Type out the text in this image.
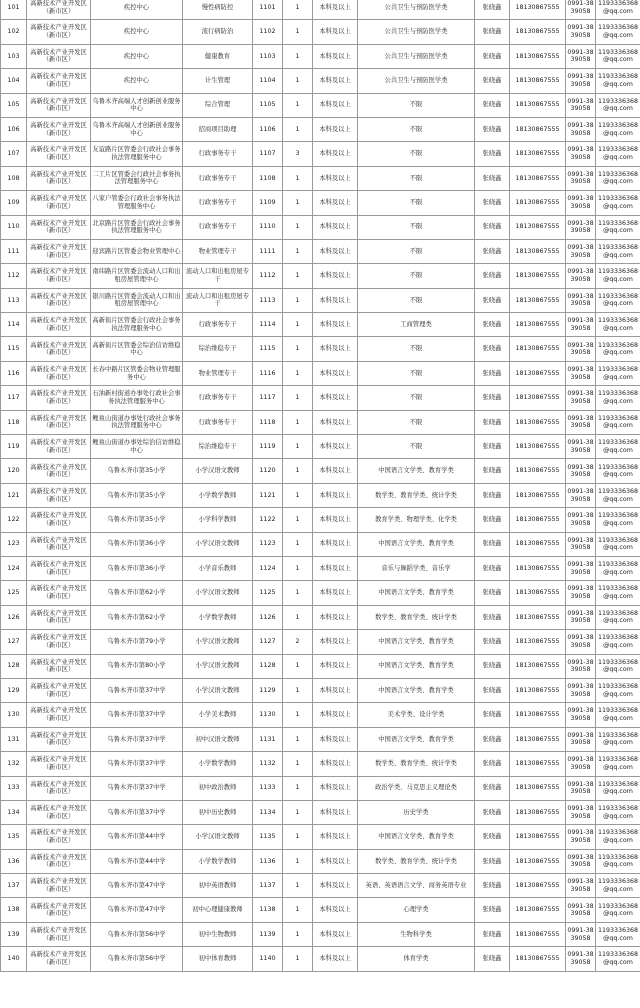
101	高新技术产业开发区（新市区）	疾控中心	慢性病防控	1101	1	本科及以上	公共卫生与预防医学类	张晓鑫	18130867555	0991-3839058	1193336368@qq.com
102	高新技术产业开发区（新市区）	疾控中心	流行病防治	1102	1	本科及以上	公共卫生与预防医学类	张晓鑫	18130867555	0991-3839058	1193336368@qq.com
103	高新技术产业开发区（新市区）	疾控中心	健康教育	1103	1	本科及以上	公共卫生与预防医学类	张晓鑫	18130867555	0991-3839058	1193336368@qq.com
104	高新技术产业开发区（新市区）	疾控中心	计生管理	1104	1	本科及以上	公共卫生与预防医学类	张晓鑫	18130867555	0991-3839058	1193336368@qq.com
105	高新技术产业开发区（新市区）	乌鲁木齐高端人才创新创业服务中心	综合管理	1105	1	本科及以上	不限	张晓鑫	18130867555	0991-3839058	1193336368@qq.com
106	高新技术产业开发区（新市区）	乌鲁木齐高端人才创新创业服务中心	招商项目助理	1106	1	本科及以上	不限	张晓鑫	18130867555	0991-3839058	1193336368@qq.com
107	高新技术产业开发区（新市区）	友谊路片区管委会行政社会事务执法管理服务中心	行政事务专干	1107	3	本科及以上	不限	张晓鑫	18130867555	0991-3839058	1193336368@qq.com
108	高新技术产业开发区（新市区）	二工片区管委会行政社会事务执法管理服务中心	行政事务专干	1108	1	本科及以上	不限	张晓鑫	18130867555	0991-3839058	1193336368@qq.com
109	高新技术产业开发区（新市区）	八家户管委会行政社会事务执法管理服务中心	行政事务专干	1109	1	本科及以上	不限	张晓鑫	18130867555	0991-3839058	1193336368@qq.com
110	高新技术产业开发区（新市区）	北京路片区管委会行政社会事务执法管理服务中心	行政事务专干	1110	1	本科及以上	不限	张晓鑫	18130867555	0991-3839058	1193336368@qq.com
111	高新技术产业开发区（新市区）	迎宾路片区管委会物业管理中心	物业管理专干	1111	1	本科及以上	不限	张晓鑫	18130867555	0991-3839058	1193336368@qq.com
112	高新技术产业开发区（新市区）	南纬路片区管委会流动人口和出租房屋管理中心	流动人口和出租房屋专干	1112	1	本科及以上	不限	张晓鑫	18130867555	0991-3839058	1193336368@qq.com
113	高新技术产业开发区（新市区）	银川路片区管委会流动人口和出租房屋管理中心	流动人口和出租房屋专干	1113	1	本科及以上	不限	张晓鑫	18130867555	0991-3839058	1193336368@qq.com
114	高新技术产业开发区（新市区）	高新街片区管委会行政社会事务执法管理服务中心	行政事务专干	1114	1	本科及以上	工商管理类	张晓鑫	18130867555	0991-3839058	1193336368@qq.com
115	高新技术产业开发区（新市区）	高新街片区管委会综治信访维稳中心	综治维稳专干	1115	1	本科及以上	不限	张晓鑫	18130867555	0991-3839058	1193336368@qq.com
116	高新技术产业开发区（新市区）	长春中路片区管委会物业管理服务中心	物业管理专干	1116	1	本科及以上	不限	张晓鑫	18130867555	0991-3839058	1193336368@qq.com
117	高新技术产业开发区（新市区）	石油新村街道办事处行政社会事务执法管理服务中心	行政事务专干	1117	1	本科及以上	不限	张晓鑫	18130867555	0991-3839058	1193336368@qq.com
118	高新技术产业开发区（新市区）	鲤鱼山街道办事处行政社会事务执法管理服务中心	行政事务专干	1118	1	本科及以上	不限	张晓鑫	18130867555	0991-3839058	1193336368@qq.com
119	高新技术产业开发区（新市区）	鲤鱼山街道办事处综治信访维稳中心	综治维稳专干	1119	1	本科及以上	不限	张晓鑫	18130867555	0991-3839058	1193336368@qq.com
120	高新技术产业开发区（新市区）	乌鲁木齐市第35小学	小学汉语文教师	1120	1	本科及以上	中国语言文学类、教育学类	张晓鑫	18130867555	0991-3839058	1193336368@qq.com
121	高新技术产业开发区（新市区）	乌鲁木齐市第35小学	小学数学教师	1121	1	本科及以上	数学类、教育学类、统计学类	张晓鑫	18130867555	0991-3839058	1193336368@qq.com
122	高新技术产业开发区（新市区）	乌鲁木齐市第35小学	小学科学教师	1122	1	本科及以上	教育学类、物理学类、化学类	张晓鑫	18130867555	0991-3839058	1193336368@qq.com
123	高新技术产业开发区（新市区）	乌鲁木齐市第36小学	小学汉语文教师	1123	1	本科及以上	中国语言文学类、教育学类	张晓鑫	18130867555	0991-3839058	1193336368@qq.com
124	高新技术产业开发区（新市区）	乌鲁木齐市第36小学	小学音乐教师	1124	1	本科及以上	音乐与舞蹈学类、音乐学	张晓鑫	18130867555	0991-3839058	1193336368@qq.com
125	高新技术产业开发区（新市区）	乌鲁木齐市第62小学	小学汉语文教师	1125	1	本科及以上	中国语言文学类、教育学类	张晓鑫	18130867555	0991-3839058	1193336368@qq.com
126	高新技术产业开发区（新市区）	乌鲁木齐市第62小学	小学数学教师	1126	1	本科及以上	数学类、教育学类、统计学类	张晓鑫	18130867555	0991-3839058	1193336368@qq.com
127	高新技术产业开发区（新市区）	乌鲁木齐市第79小学	小学汉语文教师	1127	2	本科及以上	中国语言文学类、教育学类	张晓鑫	18130867555	0991-3839058	1193336368@qq.com
128	高新技术产业开发区（新市区）	乌鲁木齐市第80小学	小学汉语文教师	1128	1	本科及以上	中国语言文学类、教育学类	张晓鑫	18130867555	0991-3839058	1193336368@qq.com
129	高新技术产业开发区（新市区）	乌鲁木齐市第37中学	小学汉语文教师	1129	1	本科及以上	中国语言文学类、教育学类	张晓鑫	18130867555	0991-3839058	1193336368@qq.com
130	高新技术产业开发区（新市区）	乌鲁木齐市第37中学	小学美术教师	1130	1	本科及以上	美术学类、设计学类	张晓鑫	18130867555	0991-3839058	1193336368@qq.com
131	高新技术产业开发区（新市区）	乌鲁木齐市第37中学	初中汉语文教师	1131	1	本科及以上	中国语言文学类、教育学类	张晓鑫	18130867555	0991-3839058	1193336368@qq.com
132	高新技术产业开发区（新市区）	乌鲁木齐市第37中学	小学数学教师	1132	1	本科及以上	数学类、教育学类、统计学类	张晓鑫	18130867555	0991-3839058	1193336368@qq.com
133	高新技术产业开发区（新市区）	乌鲁木齐市第37中学	初中政治教师	1133	1	本科及以上	政治学类、马克思主义理论类	张晓鑫	18130867555	0991-3839058	1193336368@qq.com
134	高新技术产业开发区（新市区）	乌鲁木齐市第37中学	初中历史教师	1134	1	本科及以上	历史学类	张晓鑫	18130867555	0991-3839058	1193336368@qq.com
135	高新技术产业开发区（新市区）	乌鲁木齐市第44中学	小学汉语文教师	1135	1	本科及以上	中国语言文学类、教育学类	张晓鑫	18130867555	0991-3839058	1193336368@qq.com
136	高新技术产业开发区（新市区）	乌鲁木齐市第44中学	小学数学教师	1136	1	本科及以上	数学类、教育学类、统计学类	张晓鑫	18130867555	0991-3839058	1193336368@qq.com
137	高新技术产业开发区（新市区）	乌鲁木齐市第47中学	初中英语教师	1137	1	本科及以上	英语、英语语言文学、商务英语专业	张晓鑫	18130867555	0991-3839058	1193336368@qq.com
138	高新技术产业开发区（新市区）	乌鲁木齐市第47中学	初中心理健康教师	1138	1	本科及以上	心理学类	张晓鑫	18130867555	0991-3839058	1193336368@qq.com
139	高新技术产业开发区（新市区）	乌鲁木齐市第56中学	初中生物教师	1139	1	本科及以上	生物科学类	张晓鑫	18130867555	0991-3839058	1193336368@qq.com
140	高新技术产业开发区（新市区）	乌鲁木齐市第56中学	初中体育教师	1140	1	本科及以上	体育学类	张晓鑫	18130867555	0991-3839058	1193336368@qq.com
